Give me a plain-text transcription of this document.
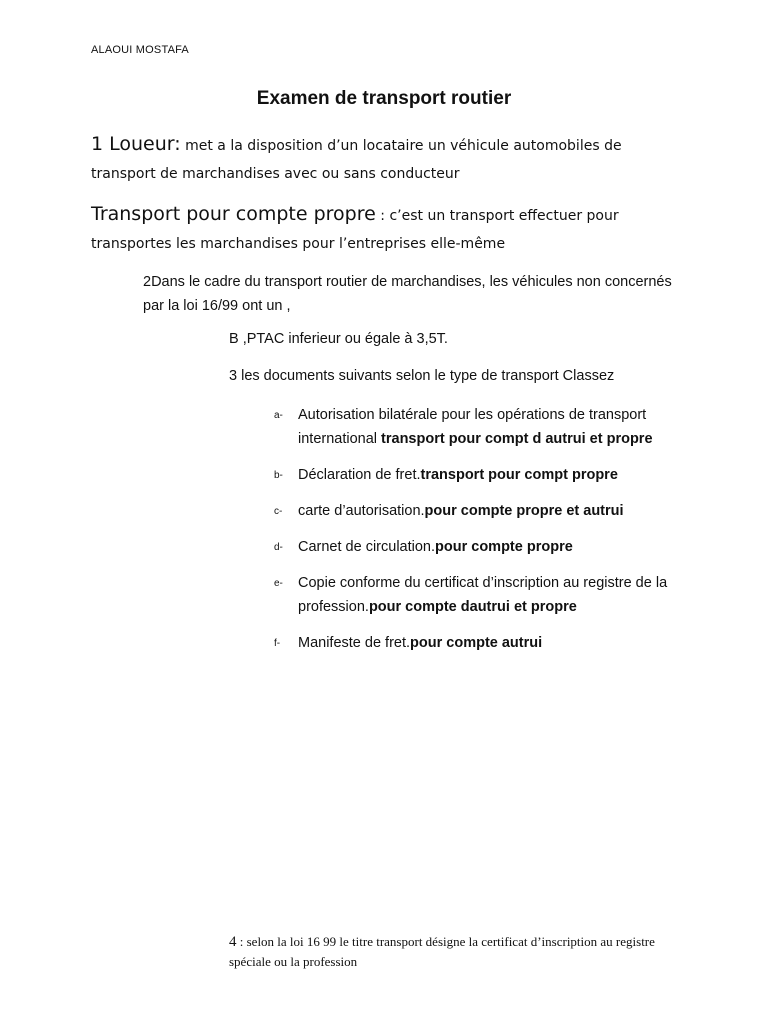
ALAOUI MOSTAFA
Examen de transport routier
1 Loueur: met a la disposition d’un locataire un véhicule automobiles de transport de marchandises avec ou sans conducteur
Transport pour compte propre : c’est un transport effectuer pour transportes les marchandises pour l’entreprises elle-même
2Dans le cadre du transport routier de marchandises, les véhicules non concernés par la loi 16/99 ont un ,
B ,PTAC inferieur ou égale à 3,5T.
3 les documents suivants selon le type de transport Classez
a- Autorisation bilatérale pour les opérations de transport international transport pour compt d autrui et propre
b- Déclaration de fret.transport pour compt propre
c- carte d’autorisation.pour compte propre et autrui
d- Carnet de circulation.pour compte propre
e- Copie conforme du certificat d’inscription au registre de la profession.pour compte dautrui et propre
f- Manifeste de fret.pour compte autrui
4 : selon la loi 16 99 le titre transport désigne la certificat d’inscription au registre spéciale ou la profession
